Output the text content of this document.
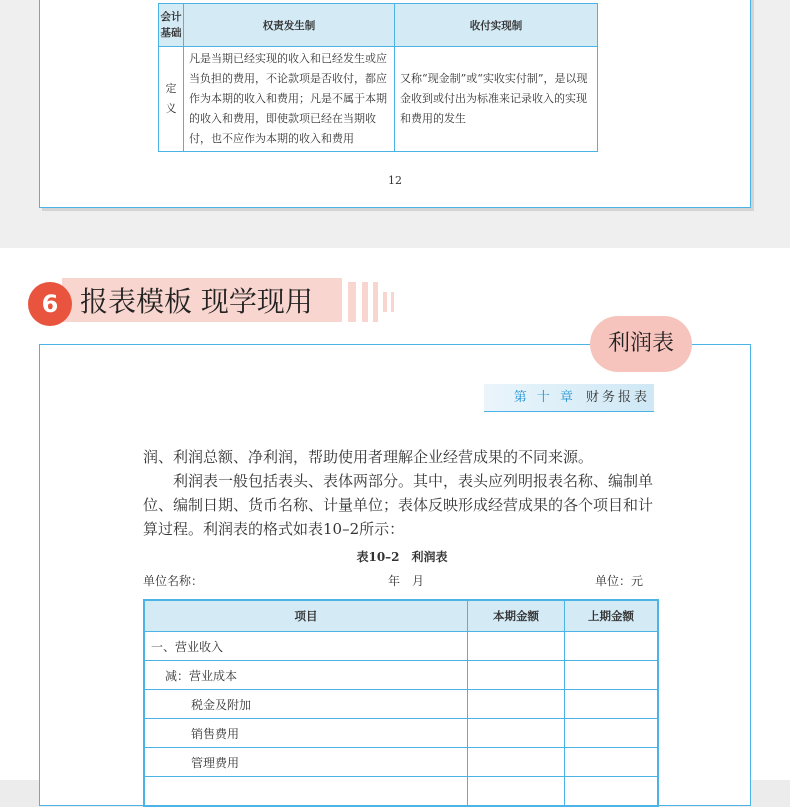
会计
基础	权责发生制	收付实现制
定义	凡是当期已经实现的收入和已经发生或应当负担的费用，不论款项是否收付，都应作为本期的收入和费用；凡是不属于本期的收入和费用，即使款项已经在当期收付，也不应作为本期的收入和费用	又称“现金制”或“实收实付制”，是以现金收到或付出为标准来记录收入的实现和费用的发生
12
6 报表模板 现学现用
利润表
第 十 章 财务报表

润、利润总额、净利润，帮助使用者理解企业经营成果的不同来源。

利润表一般包括表头、表体两部分。其中，表头应列明报表名称、编制单位、编制日期、货币名称、计量单位；表体反映形成经营成果的各个项目和计算过程。利润表的格式如表10–2所示：

表10–2　利润表
单位名称：	年　月	单位：元
项目	本期金额	上期金额
一、营业收入		
减：营业成本		
税金及附加		
销售费用		
管理费用		
